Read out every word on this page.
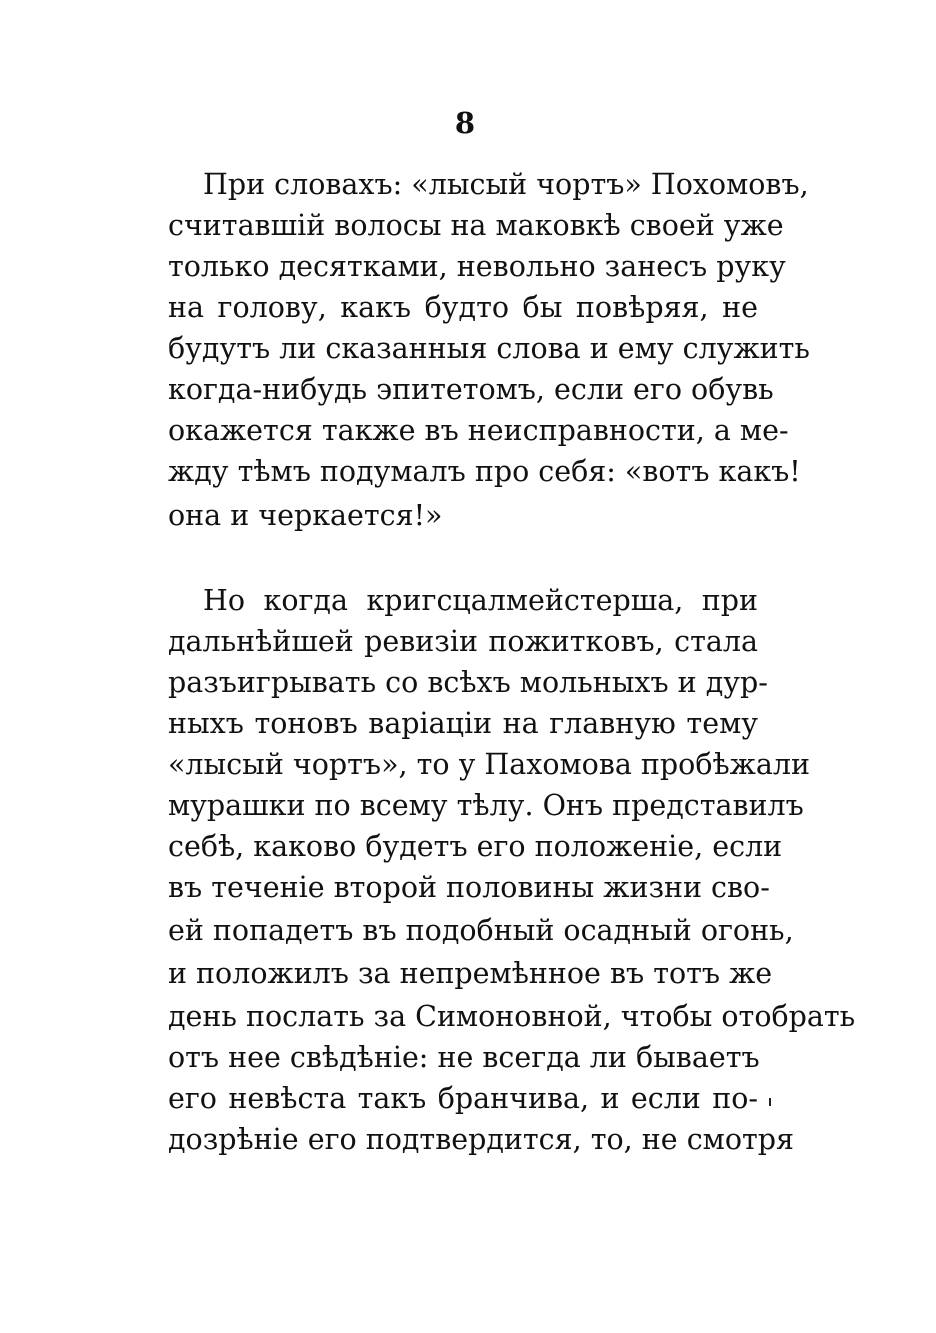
8
При словахъ: «лысый чортъ» Похомовъ,
считавшій волосы на маковкѣ своей уже
только десятками, невольно занесъ руку
на голову, какъ будто бы повѣряя, не
будутъ ли сказанныя слова и ему служить
когда-нибудь эпитетомъ, если его обувь
окажется также въ неисправности, а ме-
жду тѣмъ подумалъ про себя: «вотъ какъ!
она и черкается!»
Но когда кригсцалмейстерша, при
дальнѣйшей ревизіи пожитковъ, стала
разъигрывать со всѣхъ мольныхъ и дур-
ныхъ тоновъ варіаціи на главную тему
«лысый чортъ», то у Пахомова пробѣжали
мурашки по всему тѣлу. Онъ представилъ
себѣ, каково будетъ его положеніе, если
въ теченіе второй половины жизни сво-
ей попадетъ въ подобный осадный огонь,
и положилъ за непремѣнное въ тотъ же
день послать за Симоновной, чтобы отобрать
отъ нее свѣдѣніе: не всегда ли бываетъ
его невѣста такъ бранчива, и если по-
дозрѣніе его подтвердится, то, не смотря
